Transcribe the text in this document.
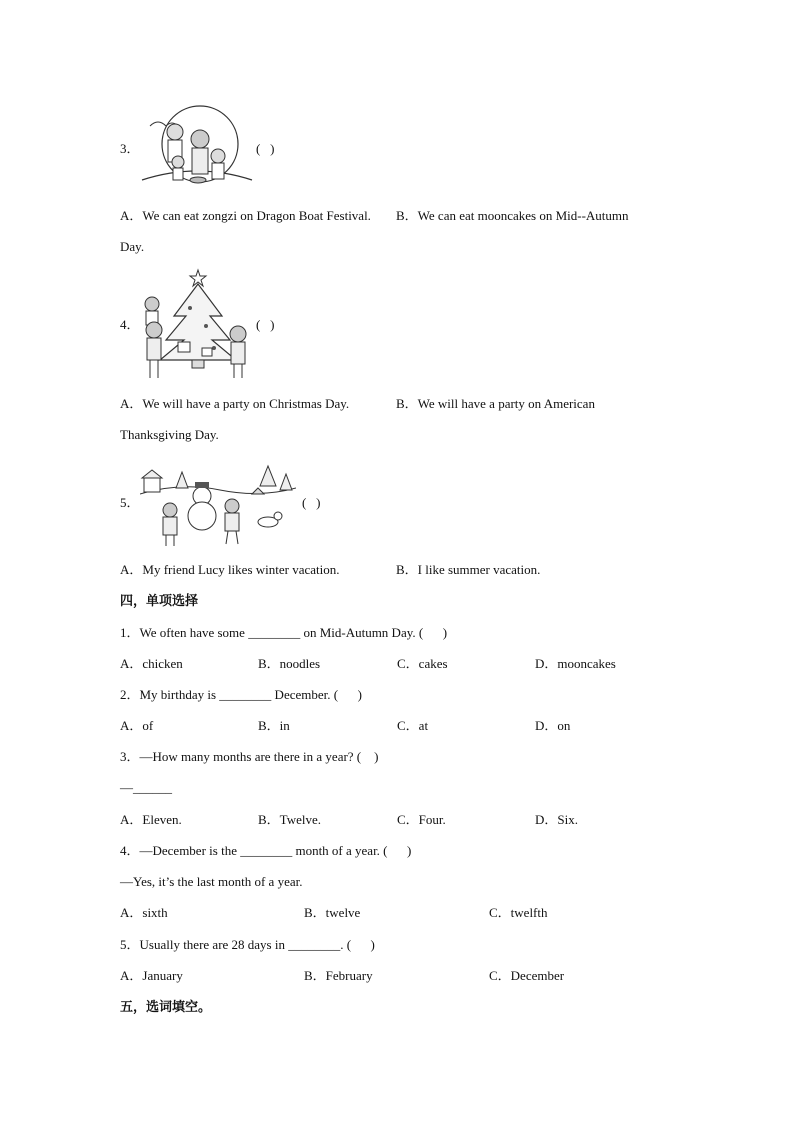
3．	(   )
A．We can eat zongzi on Dragon Boat Festival. B．We can eat mooncakes on Mid--Autumn
Day.
4．	(   )
A．We will have a party on Christmas Day.	B．We will have a party on American
Thanksgiving Day.
5．	(   )
A．My friend Lucy likes winter vacation.	B．I like summer vacation.
四，单项选择
1．We often have some ________ on Mid-Autumn Day. (      )
A．chicken	B．noodles	C．cakes	D．mooncakes
2．My birthday is ________ December. (      )
A．of	B．in	C．at	D．on
3．—How many months are there in a year? (    )
—______
A．Eleven.	B．Twelve.	C．Four.	D．Six.
4．—December is the ________ month of a year. (      )
—Yes, it’s the last month of a year.
A．sixth	B．twelve	C．twelfth
5．Usually there are 28 days in ________. (      )
A．January	B．February	C．December
五，选词填空。
